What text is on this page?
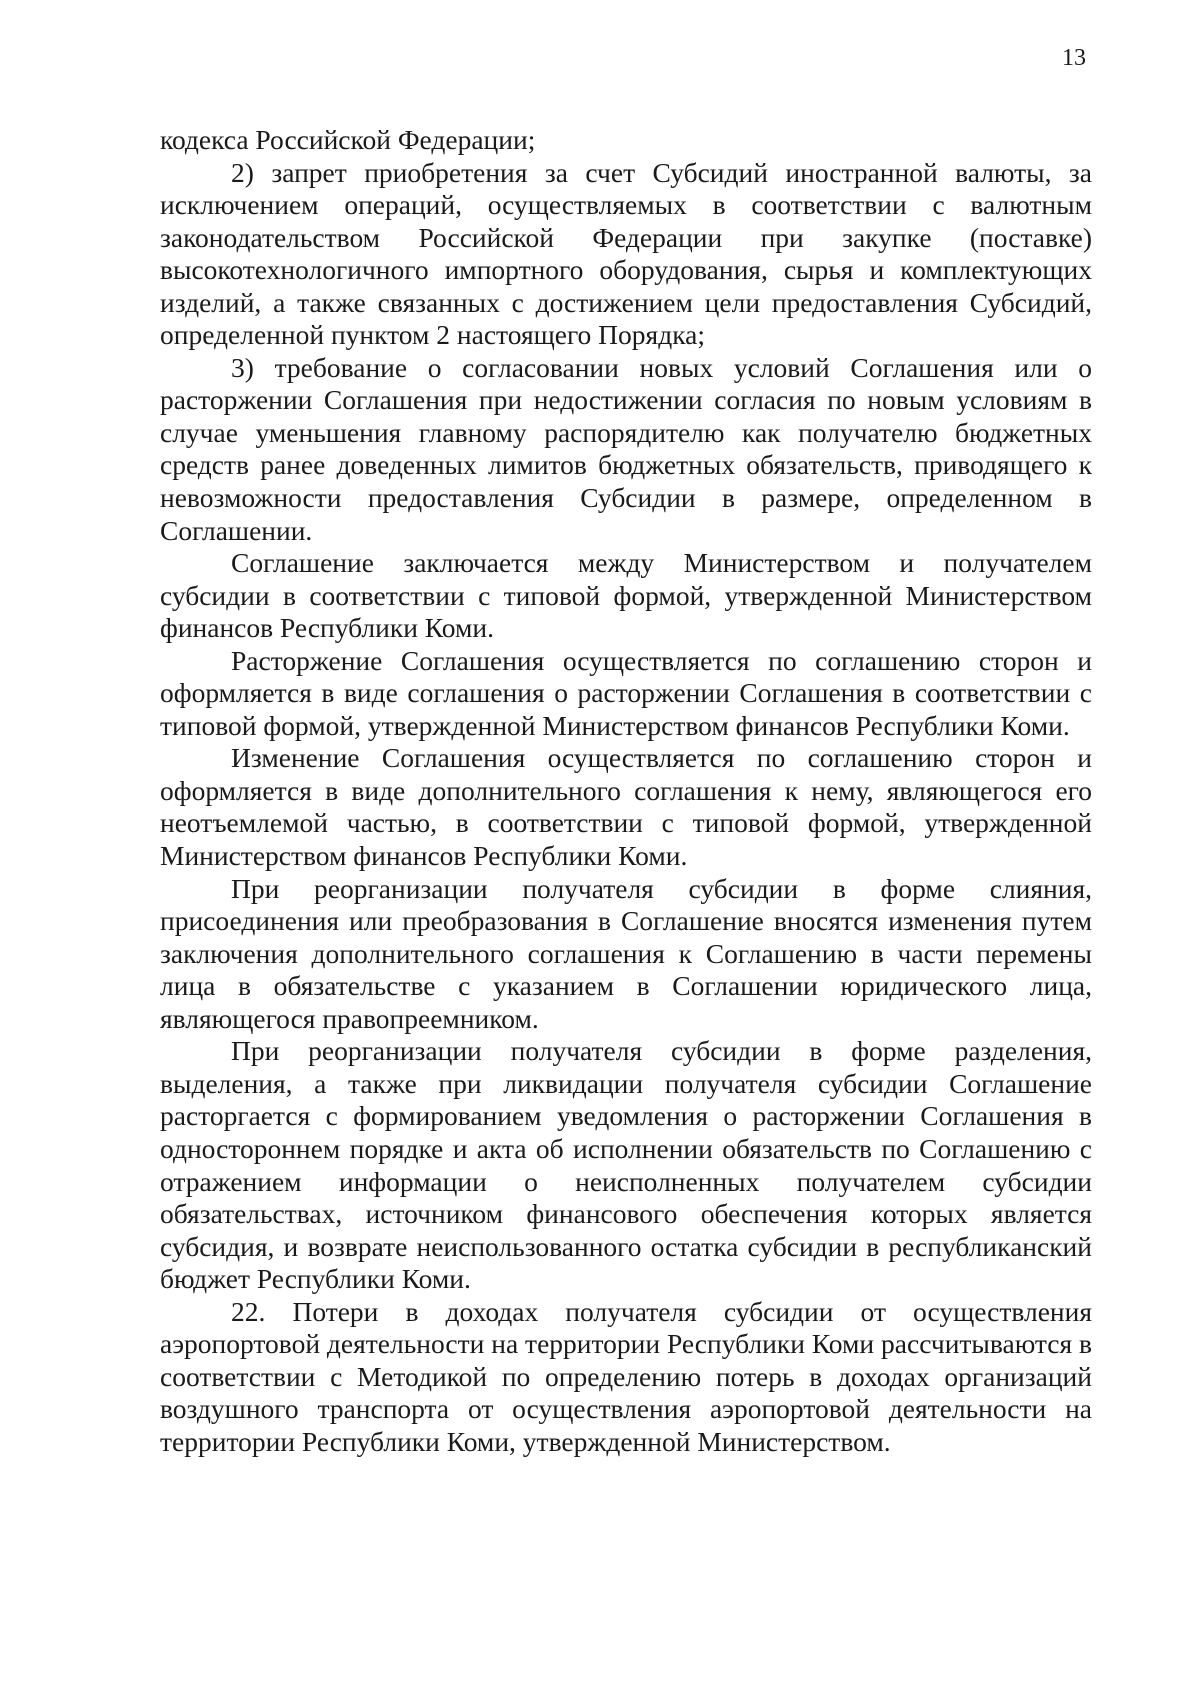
13

кодекса Российской Федерации;

2) запрет приобретения за счет Субсидий иностранной валюты, за исключением операций, осуществляемых в соответствии с валютным законодательством Российской Федерации при закупке (поставке) высокотехнологичного импортного оборудования, сырья и комплектующих изделий, а также связанных с достижением цели предоставления Субсидий, определенной пунктом 2 настоящего Порядка;

3) требование о согласовании новых условий Соглашения или о расторжении Соглашения при недостижении согласия по новым условиям в случае уменьшения главному распорядителю как получателю бюджетных средств ранее доведенных лимитов бюджетных обязательств, приводящего к невозможности предоставления Субсидии в размере, определенном в Соглашении.

Соглашение заключается между Министерством и получателем субсидии в соответствии с типовой формой, утвержденной Министерством финансов Республики Коми.

Расторжение Соглашения осуществляется по соглашению сторон и оформляется в виде соглашения о расторжении Соглашения в соответствии с типовой формой, утвержденной Министерством финансов Республики Коми.

Изменение Соглашения осуществляется по соглашению сторон и оформляется в виде дополнительного соглашения к нему, являющегося его неотъемлемой частью, в соответствии с типовой формой, утвержденной Министерством финансов Республики Коми.

При реорганизации получателя субсидии в форме слияния, присоединения или преобразования в Соглашение вносятся изменения путем заключения дополнительного соглашения к Соглашению в части перемены лица в обязательстве с указанием в Соглашении юридического лица, являющегося правопреемником.

При реорганизации получателя субсидии в форме разделения, выделения, а также при ликвидации получателя субсидии Соглашение расторгается с формированием уведомления о расторжении Соглашения в одностороннем порядке и акта об исполнении обязательств по Соглашению с отражением информации о неисполненных получателем субсидии обязательствах, источником финансового обеспечения которых является субсидия, и возврате неиспользованного остатка субсидии в республиканский бюджет Республики Коми.

22. Потери в доходах получателя субсидии от осуществления аэропортовой деятельности на территории Республики Коми рассчитываются в соответствии с Методикой по определению потерь в доходах организаций воздушного транспорта от осуществления аэропортовой деятельности на территории Республики Коми, утвержденной Министерством.
